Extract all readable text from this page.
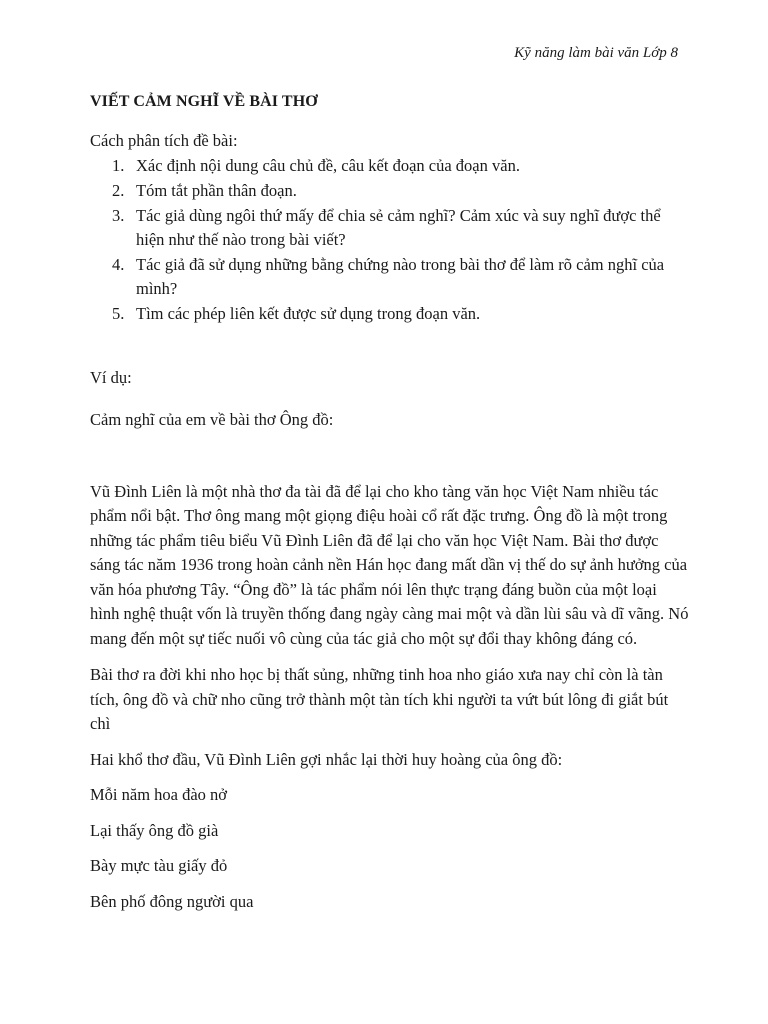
Kỹ năng làm bài văn Lớp 8
VIẾT CẢM NGHĨ VỀ BÀI THƠ
Cách phân tích đề bài:
1. Xác định nội dung câu chủ đề, câu kết đoạn của đoạn văn.
2. Tóm tắt phần thân đoạn.
3. Tác giả dùng ngôi thứ mấy để chia sẻ cảm nghĩ? Cảm xúc và suy nghĩ được thể hiện như thế nào trong bài viết?
4. Tác giả đã sử dụng những bằng chứng nào trong bài thơ để làm rõ cảm nghĩ của mình?
5. Tìm các phép liên kết được sử dụng trong đoạn văn.
Ví dụ:
Cảm nghĩ của em về bài thơ Ông đồ:
Vũ Đình Liên là một nhà thơ đa tài đã để lại cho kho tàng văn học Việt Nam nhiều tác phẩm nổi bật. Thơ ông mang một giọng điệu hoài cổ rất đặc trưng. Ông đồ là một trong những tác phẩm tiêu biểu Vũ Đình Liên đã để lại cho văn học Việt Nam. Bài thơ được sáng tác năm 1936 trong hoàn cảnh nền Hán học đang mất dần vị thế do sự ảnh hưởng của văn hóa phương Tây. “Ông đồ” là tác phẩm nói lên thực trạng đáng buồn của một loại hình nghệ thuật vốn là truyền thống đang ngày càng mai một và dần lùi sâu và dĩ vãng. Nó mang đến một sự tiếc nuối vô cùng của tác giả cho một sự đổi thay không đáng có.
Bài thơ ra đời khi nho học bị thất sủng, những tinh hoa nho giáo xưa nay chỉ còn là tàn tích, ông đồ và chữ nho cũng trở thành một tàn tích khi người ta vứt bút lông đi giắt bút chì
Hai khổ thơ đầu, Vũ Đình Liên gợi nhắc lại thời huy hoàng của ông đồ:
Mỗi năm hoa đào nở
Lại thấy ông đồ già
Bày mực tàu giấy đỏ
Bên phố đông người qua
